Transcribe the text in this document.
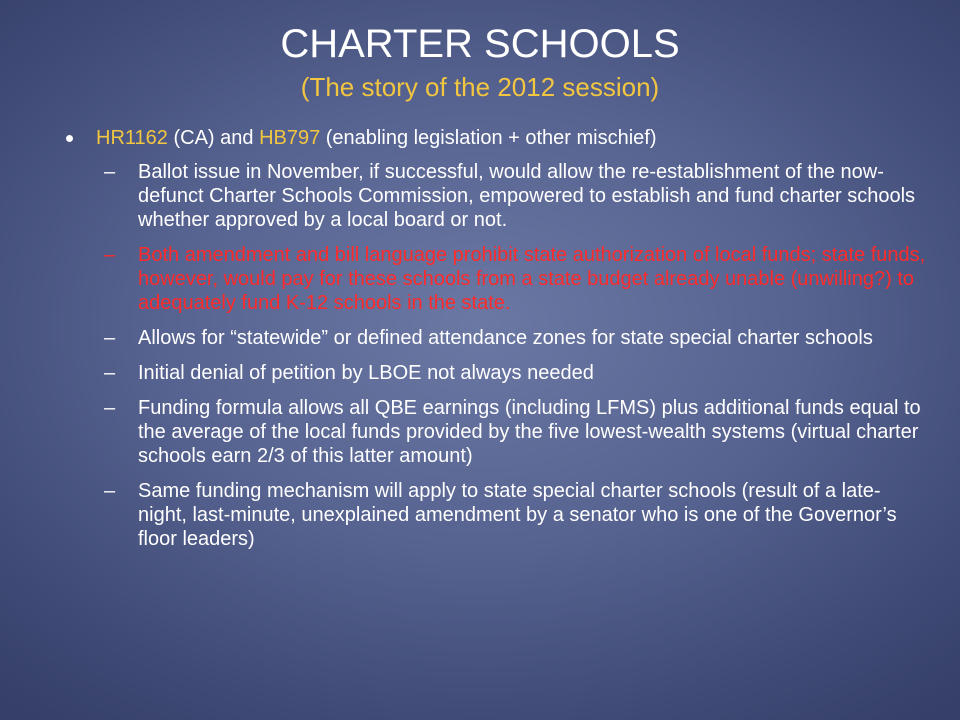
CHARTER SCHOOLS
(The story of the 2012 session)
HR1162 (CA) and HB797 (enabling legislation + other mischief)
– Ballot issue in November, if successful, would allow the re-establishment of the now-defunct Charter Schools Commission, empowered to establish and fund charter schools whether approved by a local board or not.
– Both amendment and bill language prohibit state authorization of local funds; state funds, however, would pay for these schools from a state budget already unable (unwilling?) to adequately fund K-12 schools in the state.
– Allows for “statewide” or defined attendance zones for state special charter schools
– Initial denial of petition by LBOE not always needed
– Funding formula allows all QBE earnings (including LFMS) plus additional funds equal to the average of the local funds provided by the five lowest-wealth systems (virtual charter schools earn 2/3 of this latter amount)
– Same funding mechanism will apply to state special charter schools (result of a late-night, last-minute, unexplained amendment by a senator who is one of the Governor’s floor leaders)
